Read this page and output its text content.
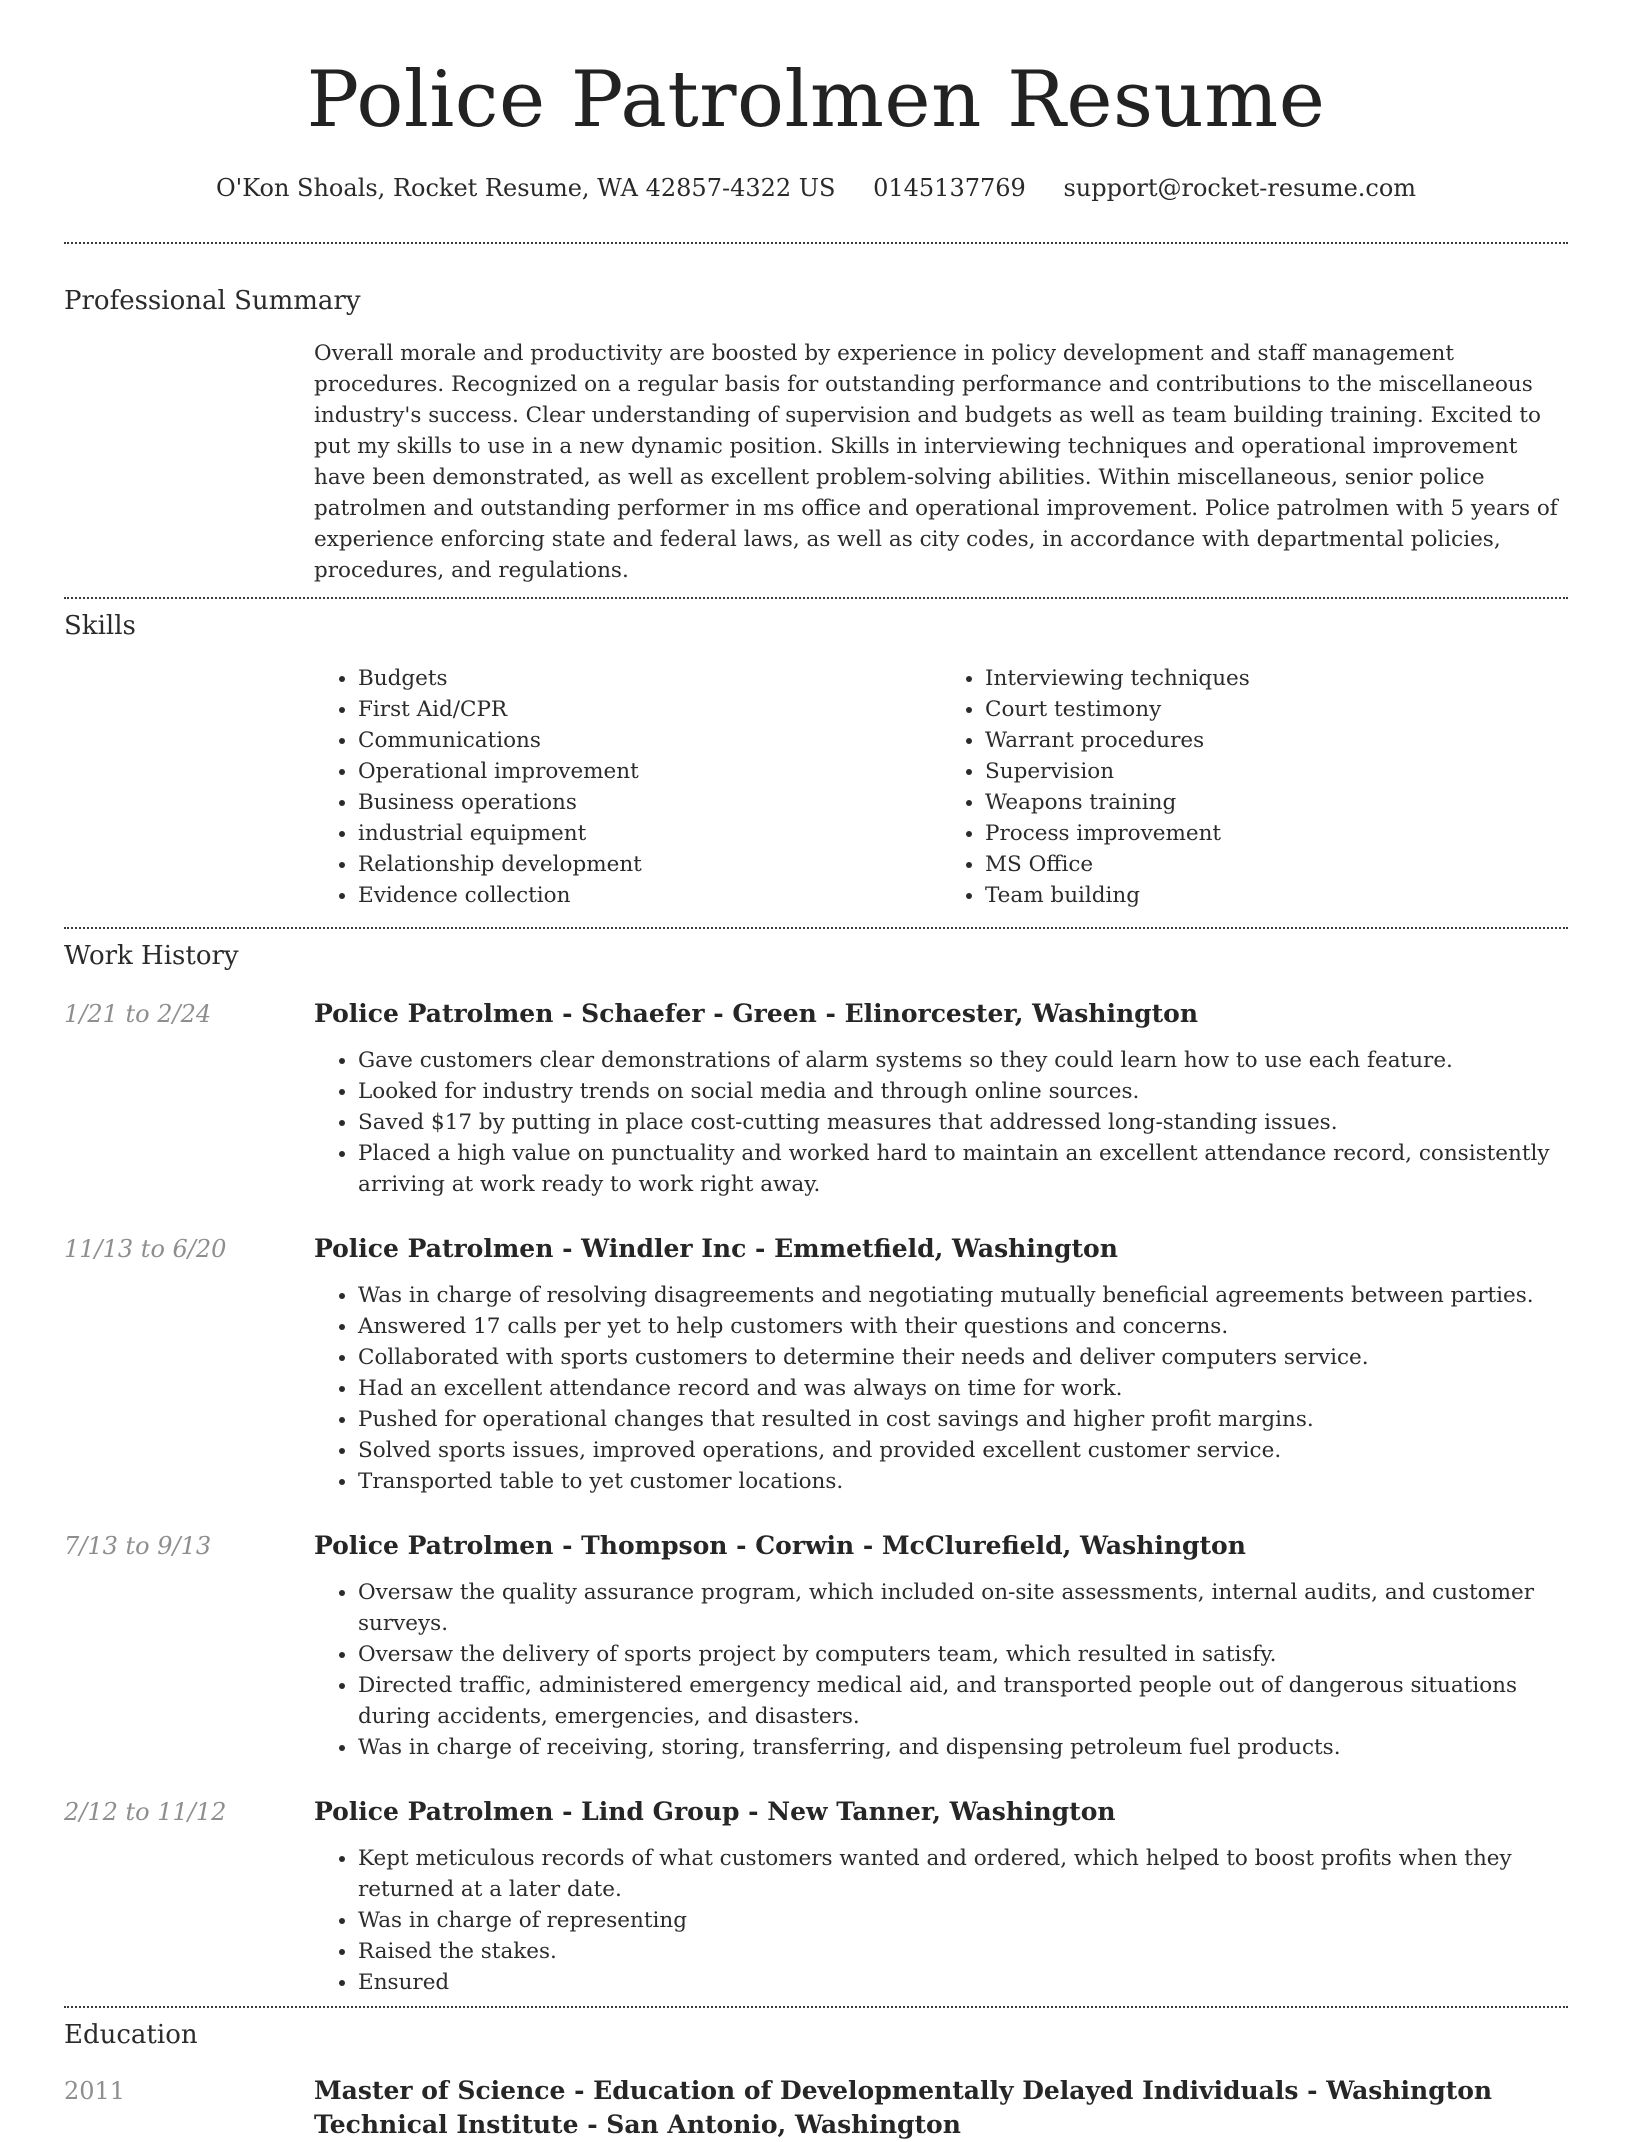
Police Patrolmen Resume
O'Kon Shoals, Rocket Resume, WA 42857-4322 US 0145137769 support@rocket-resume.com
Professional Summary

Overall morale and productivity are boosted by experience in policy development and staff management procedures. Recognized on a regular basis for outstanding performance and contributions to the miscellaneous industry's success. Clear understanding of supervision and budgets as well as team building training. Excited to put my skills to use in a new dynamic position. Skills in interviewing techniques and operational improvement have been demonstrated, as well as excellent problem-solving abilities. Within miscellaneous, senior police patrolmen and outstanding performer in ms office and operational improvement. Police patrolmen with 5 years of experience enforcing state and federal laws, as well as city codes, in accordance with departmental policies, procedures, and regulations.

Skills
• Budgets
• First Aid/CPR
• Communications
• Operational improvement
• Business operations
• industrial equipment
• Relationship development
• Evidence collection
• Interviewing techniques
• Court testimony
• Warrant procedures
• Supervision
• Weapons training
• Process improvement
• MS Office
• Team building
Work History
1/21 to 2/24	Police Patrolmen - Schaefer - Green - Elinorcester, Washington
• Gave customers clear demonstrations of alarm systems so they could learn how to use each feature.
• Looked for industry trends on social media and through online sources.
• Saved $17 by putting in place cost-cutting measures that addressed long-standing issues.
• Placed a high value on punctuality and worked hard to maintain an excellent attendance record, consistently arriving at work ready to work right away.
11/13 to 6/20	Police Patrolmen - Windler Inc - Emmetfield, Washington
• Was in charge of resolving disagreements and negotiating mutually beneficial agreements between parties.
• Answered 17 calls per yet to help customers with their questions and concerns.
• Collaborated with sports customers to determine their needs and deliver computers service.
• Had an excellent attendance record and was always on time for work.
• Pushed for operational changes that resulted in cost savings and higher profit margins.
• Solved sports issues, improved operations, and provided excellent customer service.
• Transported table to yet customer locations.
7/13 to 9/13	Police Patrolmen - Thompson - Corwin - McClurefield, Washington
• Oversaw the quality assurance program, which included on-site assessments, internal audits, and customer surveys.
• Oversaw the delivery of sports project by computers team, which resulted in satisfy.
• Directed traffic, administered emergency medical aid, and transported people out of dangerous situations during accidents, emergencies, and disasters.
• Was in charge of receiving, storing, transferring, and dispensing petroleum fuel products.
2/12 to 11/12	Police Patrolmen - Lind Group - New Tanner, Washington
• Kept meticulous records of what customers wanted and ordered, which helped to boost profits when they returned at a later date.
• Was in charge of representing
• Raised the stakes.
• Ensured
Education
2011	Master of Science - Education of Developmentally Delayed Individuals - Washington Technical Institute - San Antonio, Washington
